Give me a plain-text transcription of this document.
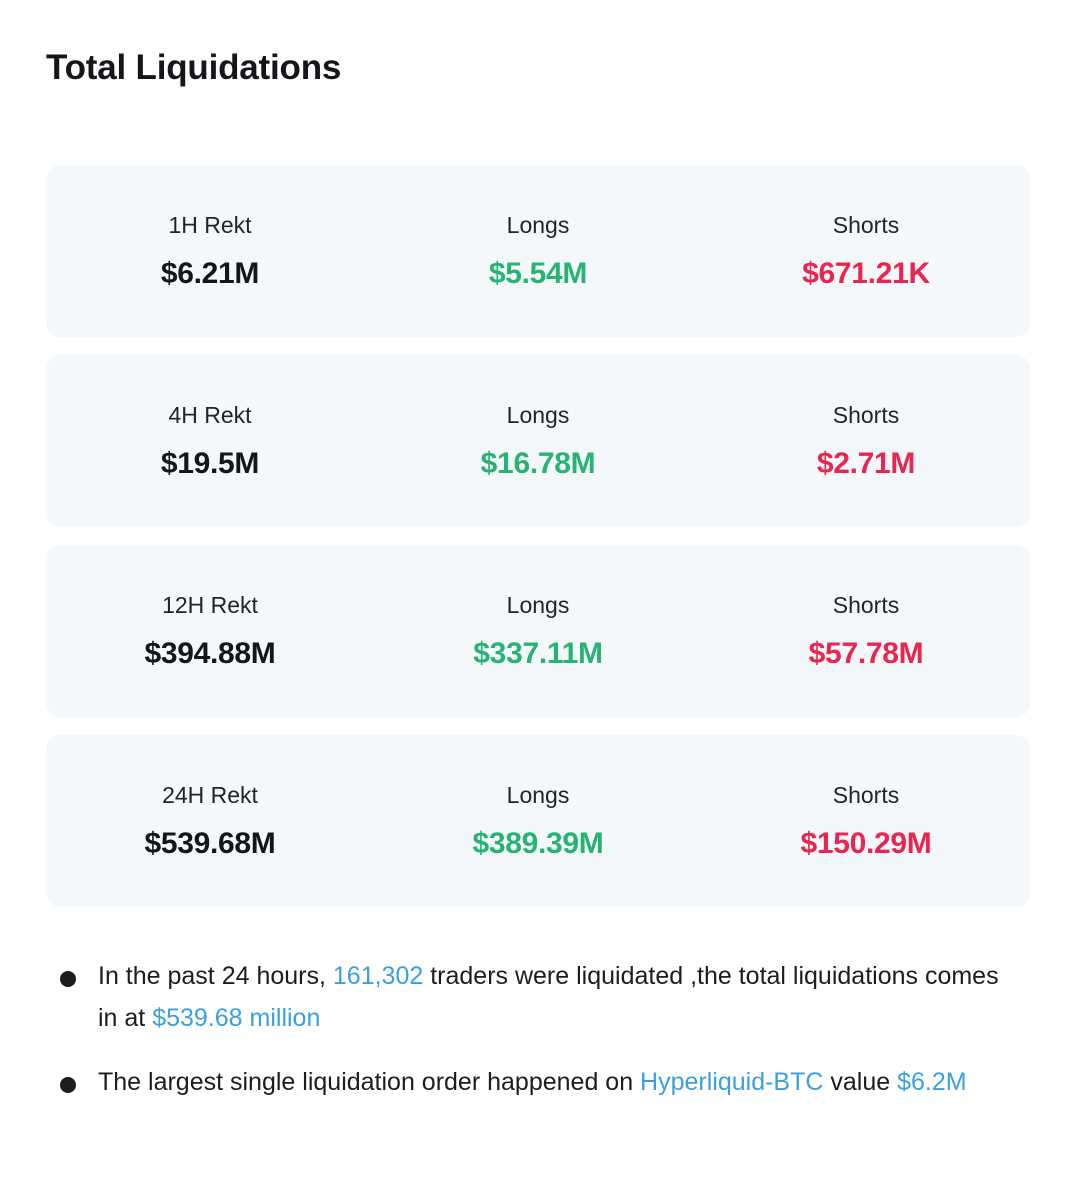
Total Liquidations
1H Rekt
$6.21M
Longs
$5.54M
Shorts
$671.21K
4H Rekt
$19.5M
Longs
$16.78M
Shorts
$2.71M
12H Rekt
$394.88M
Longs
$337.11M
Shorts
$57.78M
24H Rekt
$539.68M
Longs
$389.39M
Shorts
$150.29M
In the past 24 hours, 161,302 traders were liquidated ,the total liquidations comes in at $539.68 million
The largest single liquidation order happened on Hyperliquid-BTC value $6.2M
